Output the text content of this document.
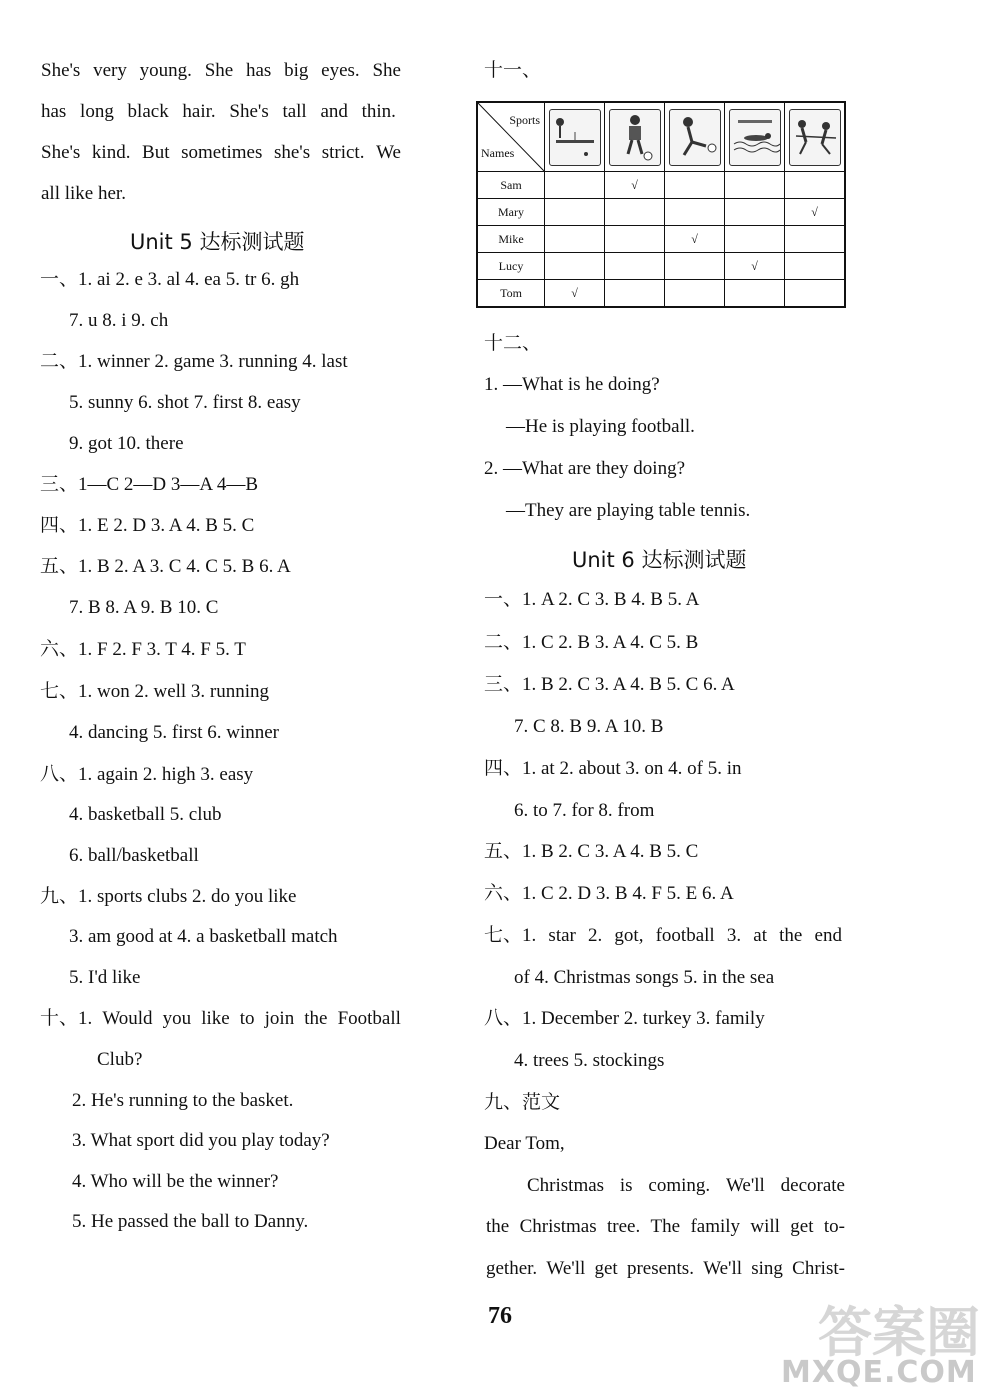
She's very young. She has big eyes. She
has long black hair. She's tall and thin.
She's kind. But sometimes she's strict. We
all like her.
Unit 5 达标测试题
一、1. ai 2. e 3. al 4. ea 5. tr 6. gh
7. u 8. i 9. ch
二、1. winner 2. game 3. running 4. last
5. sunny 6. shot 7. first 8. easy
9. got 10. there
三、1—C 2—D 3—A 4—B
四、1. E 2. D 3. A 4. B 5. C
五、1. B 2. A 3. C 4. C 5. B 6. A
7. B 8. A 9. B 10. C
六、1. F 2. F 3. T 4. F 5. T
七、1. won 2. well 3. running
4. dancing 5. first 6. winner
八、1. again 2. high 3. easy
4. basketball 5. club
6. ball/basketball
九、1. sports clubs 2. do you like
3. am good at 4. a basketball match
5. I'd like
十、1. Would you like to join the Football
Club?
2. He's running to the basket.
3. What sport did you play today?
4. Who will be the winner?
5. He passed the ball to Danny.
十一、
Sports
Names

Sam		√			
Mary					√
Mike			√		
Lucy				√	
Tom	√				
十二、
1. —What is he doing?
—He is playing football.
2. —What are they doing?
—They are playing table tennis.
Unit 6 达标测试题
一、1. A 2. C 3. B 4. B 5. A
二、1. C 2. B 3. A 4. C 5. B
三、1. B 2. C 3. A 4. B 5. C 6. A
7. C 8. B 9. A 10. B
四、1. at 2. about 3. on 4. of 5. in
6. to 7. for 8. from
五、1. B 2. C 3. A 4. B 5. C
六、1. C 2. D 3. B 4. F 5. E 6. A
七、1. star 2. got, football 3. at the end
of 4. Christmas songs 5. in the sea
八、1. December 2. turkey 3. family
4. trees 5. stockings
九、范文
Dear Tom,
Christmas is coming. We'll decorate
the Christmas tree. The family will get to-
gether. We'll get presents. We'll sing Christ-
76	答案圈
MXQE.COM
